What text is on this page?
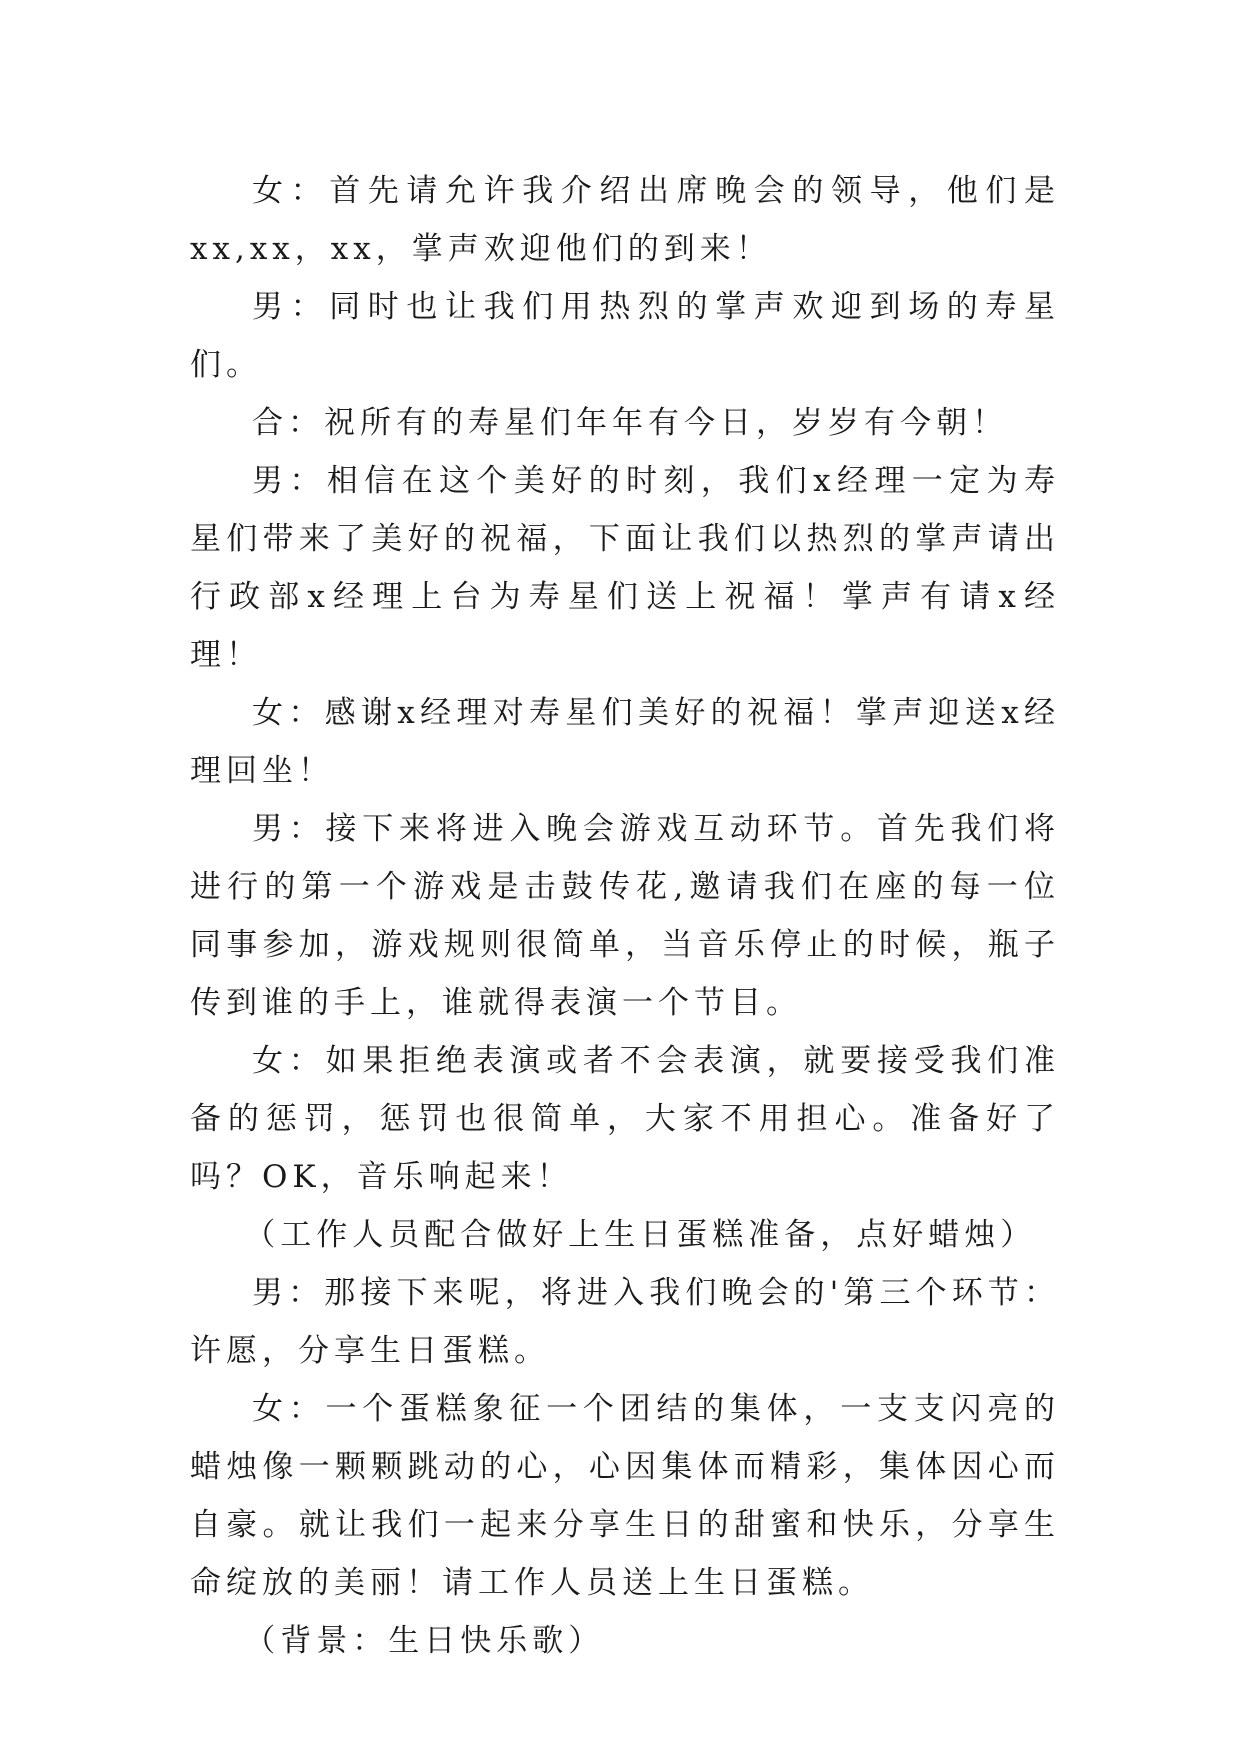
女：首先请允许我介绍出席晚会的领导，他们是xx,xx，xx，掌声欢迎他们的到来！

男：同时也让我们用热烈的掌声欢迎到场的寿星们。

合：祝所有的寿星们年年有今日，岁岁有今朝！

男：相信在这个美好的时刻，我们x经理一定为寿星们带来了美好的祝福，下面让我们以热烈的掌声请出行政部x经理上台为寿星们送上祝福！掌声有请x经理！

女：感谢x经理对寿星们美好的祝福！掌声迎送x经理回坐！

男：接下来将进入晚会游戏互动环节。首先我们将进行的第一个游戏是击鼓传花,邀请我们在座的每一位同事参加，游戏规则很简单，当音乐停止的时候，瓶子传到谁的手上，谁就得表演一个节目。

女：如果拒绝表演或者不会表演，就要接受我们准备的惩罚，惩罚也很简单，大家不用担心。准备好了吗？OK，音乐响起来！

（工作人员配合做好上生日蛋糕准备，点好蜡烛）

男：那接下来呢，将进入我们晚会的'第三个环节：许愿，分享生日蛋糕。

女：一个蛋糕象征一个团结的集体，一支支闪亮的蜡烛像一颗颗跳动的心，心因集体而精彩，集体因心而自豪。就让我们一起来分享生日的甜蜜和快乐，分享生命绽放的美丽！请工作人员送上生日蛋糕。

（背景：生日快乐歌）
